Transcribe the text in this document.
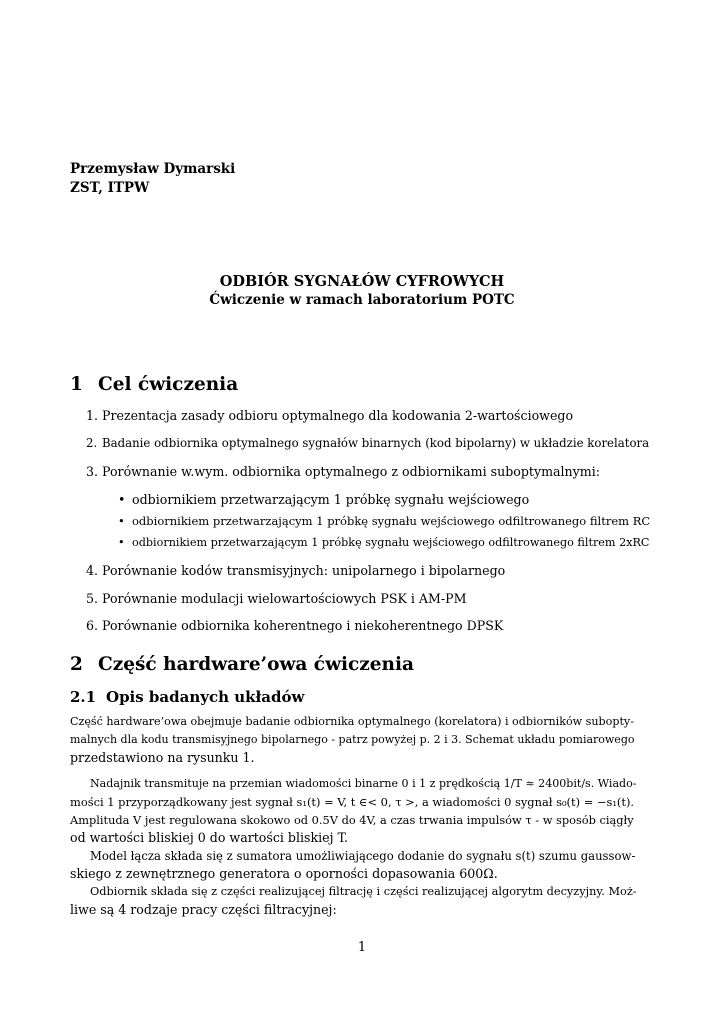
Przemysław Dymarski
ZST, ITPW
ODBIÓR SYGNAŁÓW CYFROWYCH
Ćwiczenie w ramach laboratorium POTC
1 Cel ćwiczenia
1. Prezentacja zasady odbioru optymalnego dla kodowania 2-wartościowego
2. Badanie odbiornika optymalnego sygnałów binarnych (kod bipolarny) w układzie korelatora
3. Porównanie w.wym. odbiornika optymalnego z odbiornikami suboptymalnymi:
• odbiornikiem przetwarzającym 1 próbkę sygnału wejściowego
• odbiornikiem przetwarzającym 1 próbkę sygnału wejściowego odfiltrowanego filtrem RC
• odbiornikiem przetwarzającym 1 próbkę sygnału wejściowego odfiltrowanego filtrem 2xRC
4. Porównanie kodów transmisyjnych: unipolarnego i bipolarnego
5. Porównanie modulacji wielowartościowych PSK i AM-PM
6. Porównanie odbiornika koherentnego i niekoherentnego DPSK
2 Część hardware’owa ćwiczenia
2.1 Opis badanych układów
Część hardware’owa obejmuje badanie odbiornika optymalnego (korelatora) i odbiorników subopty-
malnych dla kodu transmisyjnego bipolarnego - patrz powyżej p. 2 i 3. Schemat układu pomiarowego
przedstawiono na rysunku 1.
Nadajnik transmituje na przemian wiadomości binarne 0 i 1 z prędkością 1/T ≈ 2400bit/s. Wiado-
mości 1 przyporządkowany jest sygnał s₁(t) = V, t ∈< 0, τ >, a wiadomości 0 sygnał s₀(t) = −s₁(t).
Amplituda V jest regulowana skokowo od 0.5V do 4V, a czas trwania impulsów τ - w sposób ciągły
od wartości bliskiej 0 do wartości bliskiej T.
Model łącza składa się z sumatora umożliwiającego dodanie do sygnału s(t) szumu gaussow-
skiego z zewnętrznego generatora o oporności dopasowania 600Ω.
Odbiornik składa się z części realizującej filtrację i części realizującej algorytm decyzyjny. Moż-
liwe są 4 rodzaje pracy części filtracyjnej:
1
